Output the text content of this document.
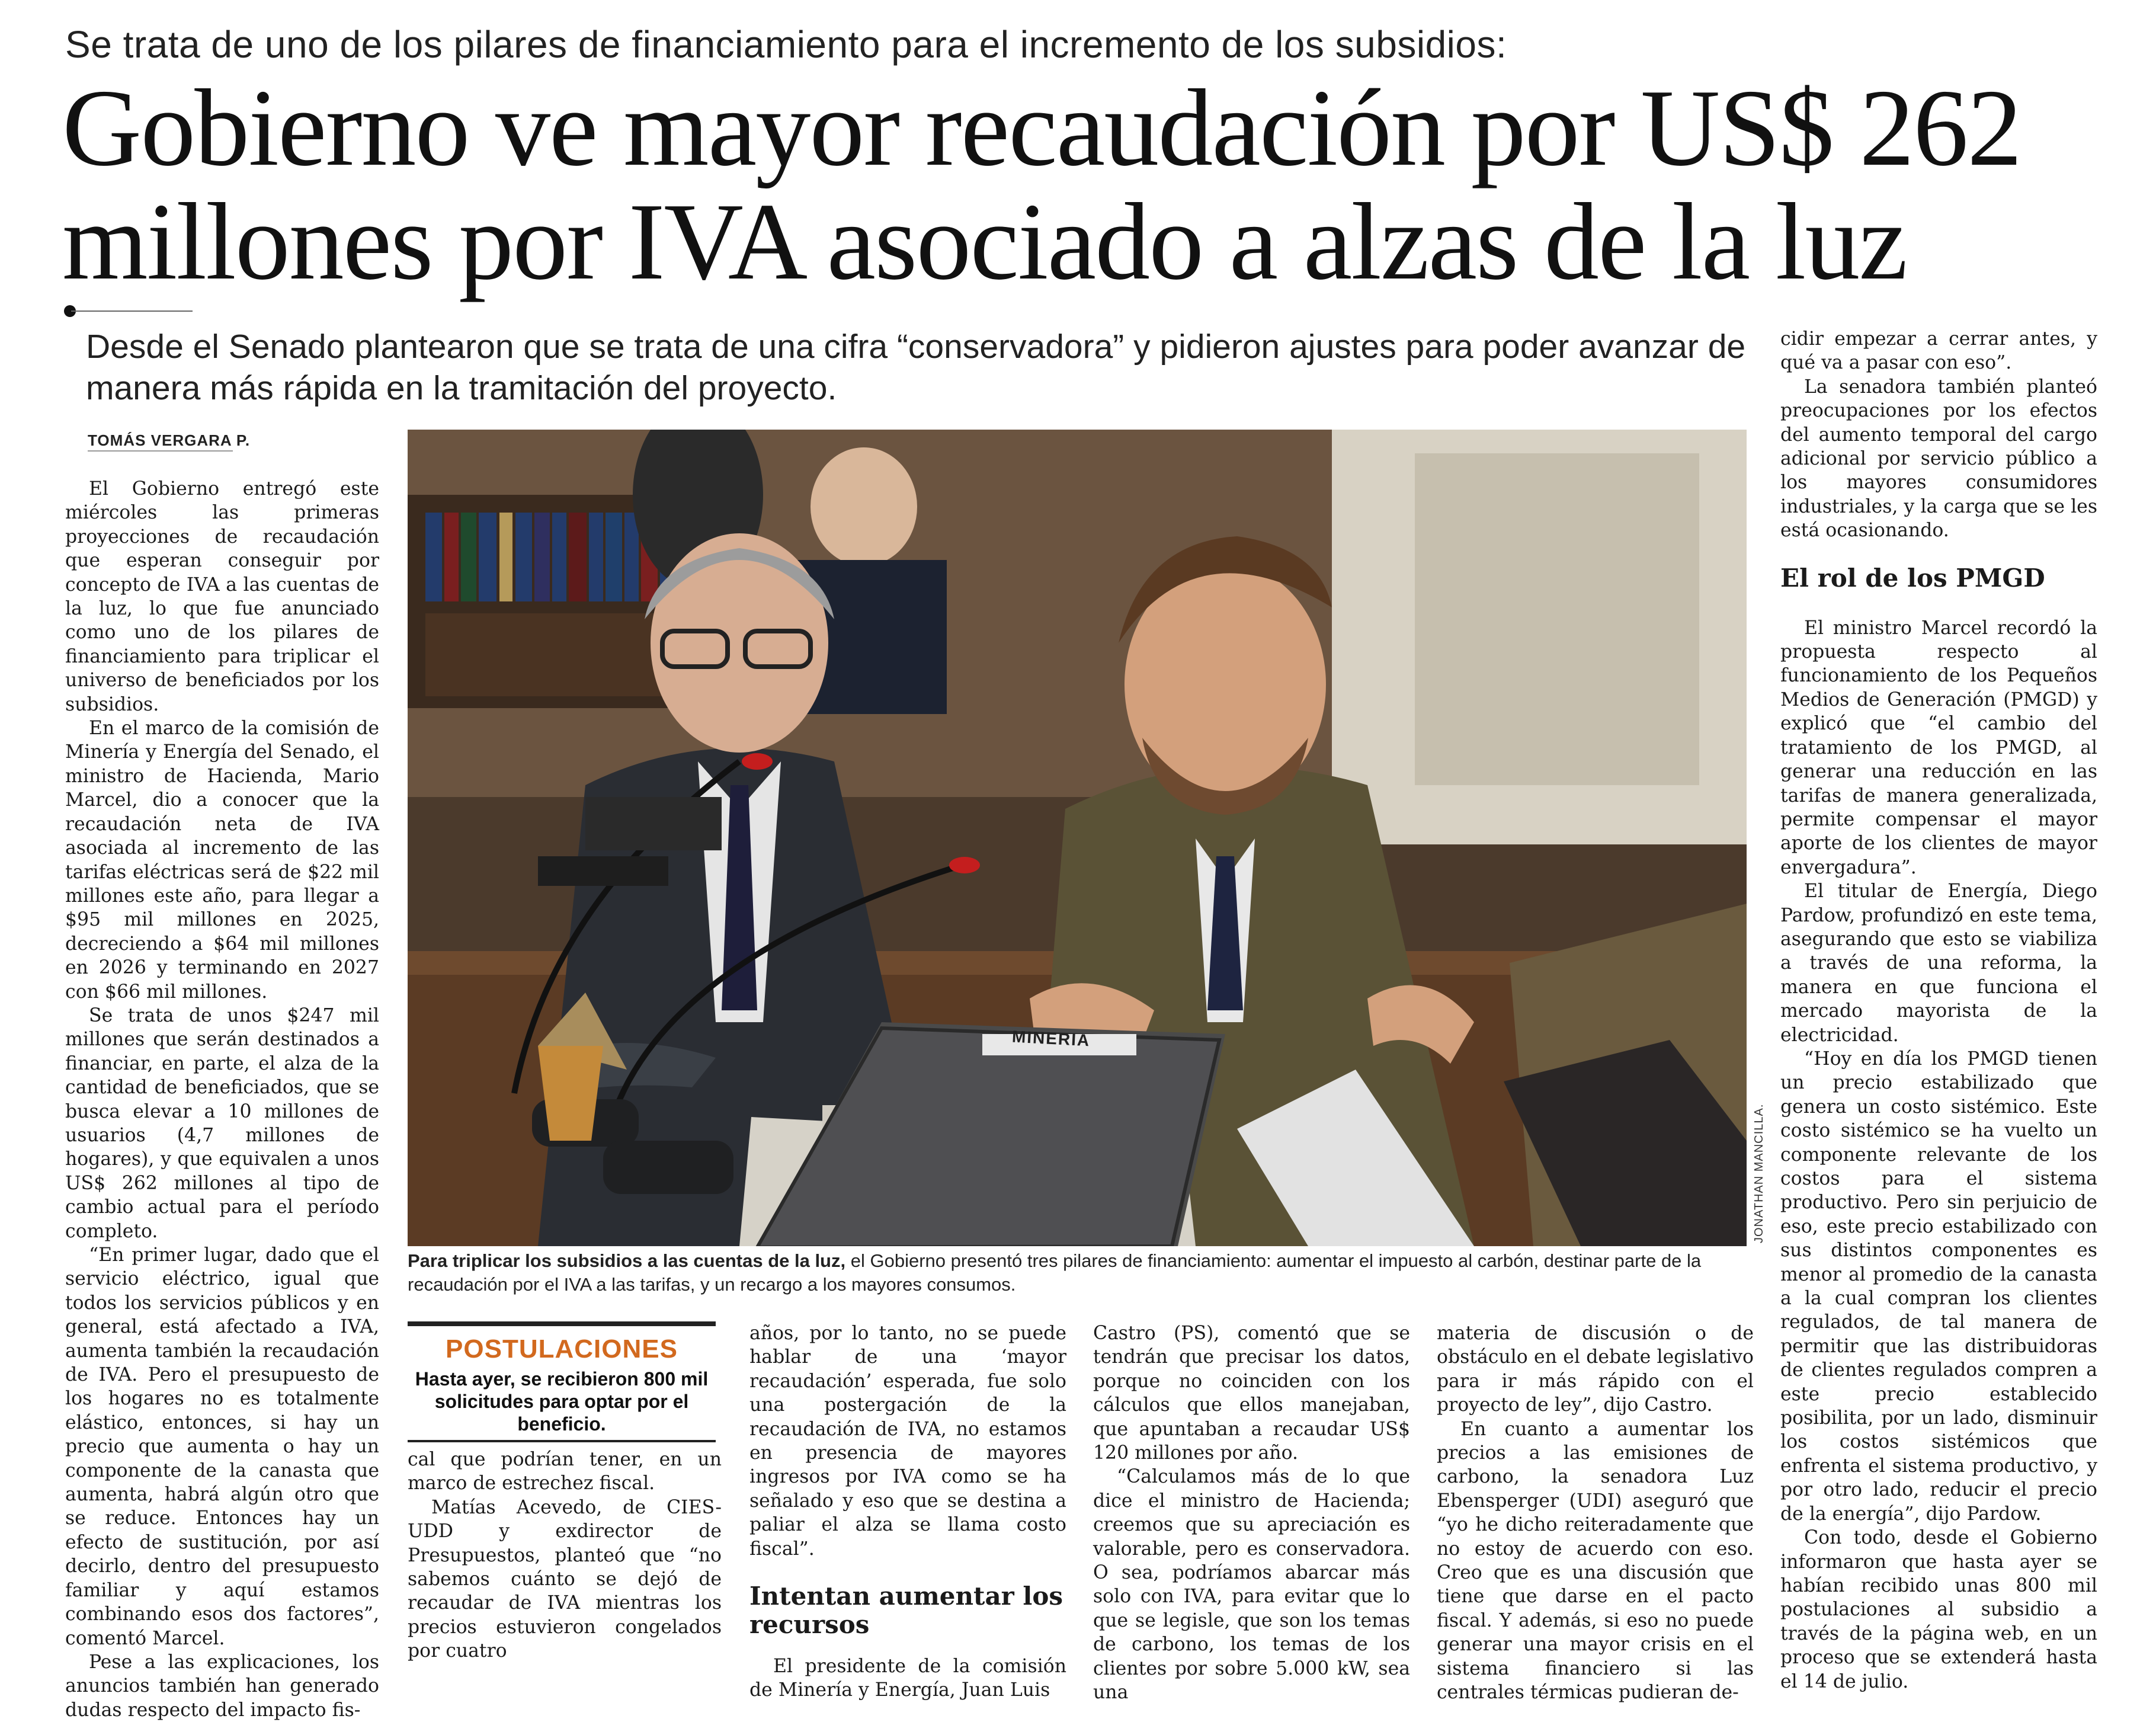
Se trata de uno de los pilares de financiamiento para el incremento de los subsidios:
Gobierno ve mayor recaudación por US$ 262 millones por IVA asociado a alzas de la luz
Desde el Senado plantearon que se trata de una cifra “conservadora” y pidieron ajustes para poder avanzar de manera más rápida en la tramitación del proyecto.
TOMÁS VERGARA P.

El Gobierno entregó este miércoles las primeras proyecciones de recaudación que esperan conseguir por concepto de IVA a las cuentas de la luz, lo que fue anunciado como uno de los pilares de financiamiento para triplicar el universo de beneficiados por los subsidios.

En el marco de la comisión de Minería y Energía del Senado, el ministro de Hacienda, Mario Marcel, dio a conocer que la recaudación neta de IVA asociada al incremento de las tarifas eléctricas será de $22 mil millones este año, para llegar a $95 mil millones en 2025, decreciendo a $64 mil millones en 2026 y terminando en 2027 con $66 mil millones.

Se trata de unos $247 mil millones que serán destinados a financiar, en parte, el alza de la cantidad de beneficiados, que se busca elevar a 10 millones de usuarios (4,7 millones de hogares), y que equivalen a unos US$ 262 millones al tipo de cambio actual para el período completo.

“En primer lugar, dado que el servicio eléctrico, igual que todos los servicios públicos y en general, está afectado a IVA, aumenta también la recaudación de IVA. Pero el presupuesto de los hogares no es totalmente elástico, entonces, si hay un precio que aumenta o hay un componente de la canasta que aumenta, habrá algún otro que se reduce. Entonces hay un efecto de sustitución, por así decirlo, dentro del presupuesto familiar y aquí estamos combinando esos dos factores”, comentó Marcel.

Pese a las explicaciones, los anuncios también han generado dudas respecto del impacto fis-

MINERIA
JONATHAN MANCILLA.
Para triplicar los subsidios a las cuentas de la luz, el Gobierno presentó tres pilares de financiamiento: aumentar el impuesto al carbón, destinar parte de la recaudación por el IVA a las tarifas, y un recargo a los mayores consumos.
POSTULACIONES
Hasta ayer, se recibieron 800 mil solicitudes para optar por el beneficio.

cal que podrían tener, en un marco de estrechez fiscal.

Matías Acevedo, de CIES-UDD y exdirector de Presupuestos, planteó que “no sabemos cuánto se dejó de recaudar de IVA mientras los precios estuvieron congelados por cuatro

años, por lo tanto, no se puede hablar de una ‘mayor recaudación’ esperada, fue solo una postergación de la recaudación de IVA, no estamos en presencia de mayores ingresos por IVA como se ha señalado y eso que se destina a paliar el alza se llama costo fiscal”.

Intentan aumentar los recursos

El presidente de la comisión de Minería y Energía, Juan Luis

Castro (PS), comentó que se tendrán que precisar los datos, porque no coinciden con los cálculos que ellos manejaban, que apuntaban a recaudar US$ 120 millones por año.

“Calculamos más de lo que dice el ministro de Hacienda; creemos que su apreciación es valorable, pero es conservadora. O sea, podríamos abarcar más solo con IVA, para evitar que lo que se legisle, que son los temas de carbono, los temas de los clientes por sobre 5.000 kW, sea una

materia de discusión o de obstáculo en el debate legislativo para ir más rápido con el proyecto de ley”, dijo Castro.

En cuanto a aumentar los precios a las emisiones de carbono, la senadora Luz Ebensperger (UDI) aseguró que “yo he dicho reiteradamente que no estoy de acuerdo con eso. Creo que es una discusión que tiene que darse en el pacto fiscal. Y además, si eso no puede generar una mayor crisis en el sistema financiero si las centrales térmicas pudieran de-

cidir empezar a cerrar antes, y qué va a pasar con eso”.

La senadora también planteó preocupaciones por los efectos del aumento temporal del cargo adicional por servicio público a los mayores consumidores industriales, y la carga que se les está ocasionando.

El rol de los PMGD

El ministro Marcel recordó la propuesta respecto al funcionamiento de los Pequeños Medios de Generación (PMGD) y explicó que “el cambio del tratamiento de los PMGD, al generar una reducción en las tarifas de manera generalizada, permite compensar el mayor aporte de los clientes de mayor envergadura”.

El titular de Energía, Diego Pardow, profundizó en este tema, asegurando que esto se viabiliza a través de una reforma, la manera en que funciona el mercado mayorista de la electricidad.

“Hoy en día los PMGD tienen un precio estabilizado que genera un costo sistémico. Este costo sistémico se ha vuelto un componente relevante de los costos para el sistema productivo. Pero sin perjuicio de eso, este precio estabilizado con sus distintos componentes es menor al promedio de la canasta a la cual compran los clientes regulados, de tal manera de permitir que las distribuidoras de clientes regulados compren a este precio establecido posibilita, por un lado, disminuir los costos sistémicos que enfrenta el sistema productivo, y por otro lado, reducir el precio de la energía”, dijo Pardow.

Con todo, desde el Gobierno informaron que hasta ayer se habían recibido unas 800 mil postulaciones al subsidio a través de la página web, en un proceso que se extenderá hasta el 14 de julio.
